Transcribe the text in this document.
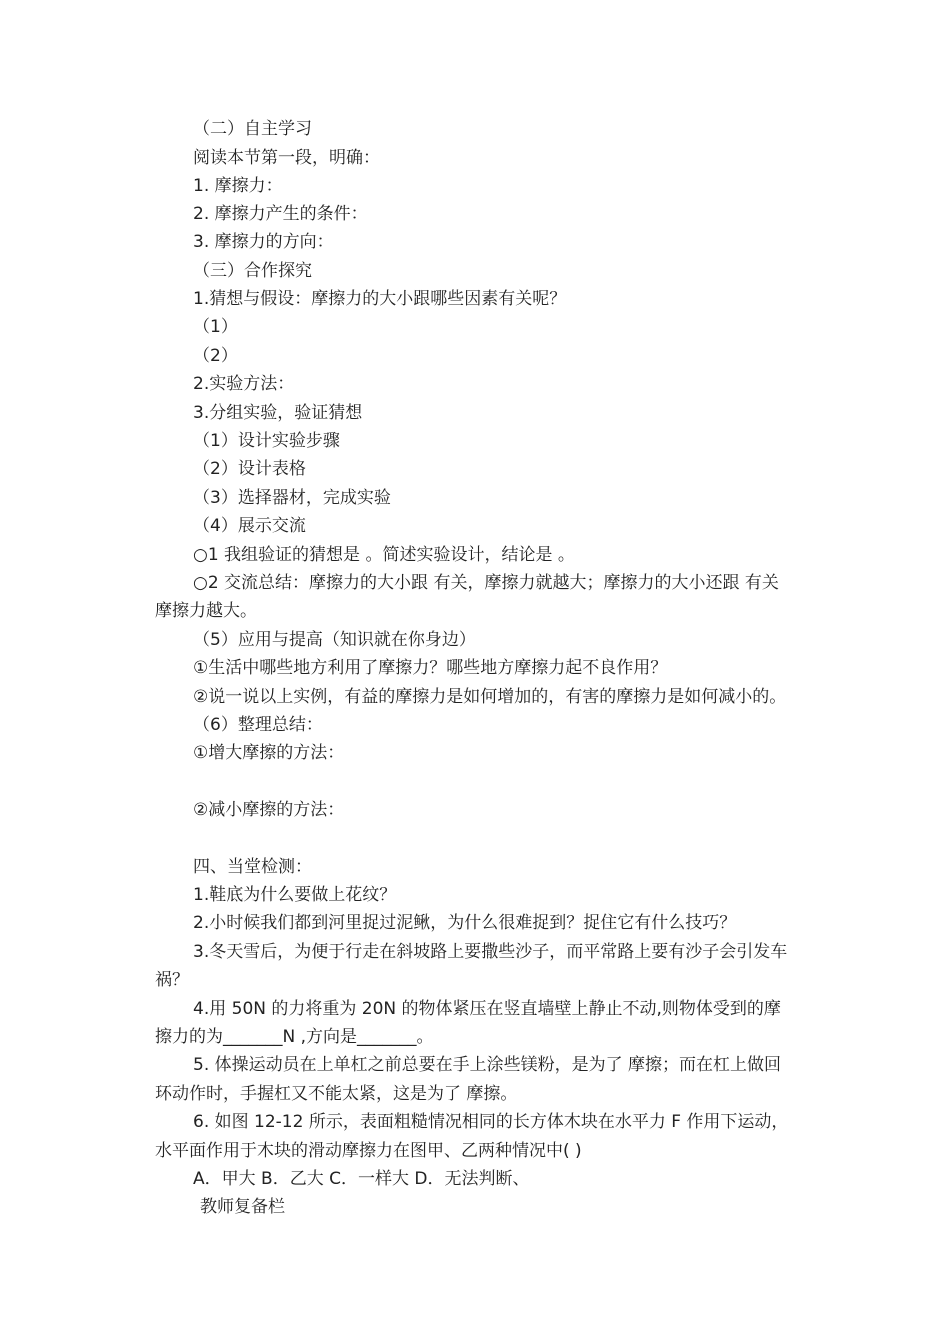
（二）自主学习
阅读本节第一段，明确：
1. 摩擦力：
2. 摩擦力产生的条件：
3. 摩擦力的方向：
（三）合作探究
1.猜想与假设：摩擦力的大小跟哪些因素有关呢？
（1）
（2）
2.实验方法：
3.分组实验，验证猜想
（1）设计实验步骤
（2）设计表格
（3）选择器材，完成实验
（4）展示交流
○1 我组验证的猜想是 。简述实验设计，结论是 。
○2 交流总结：摩擦力的大小跟 有关，摩擦力就越大；摩擦力的大小还跟 有关
摩擦力越大。
（5）应用与提高（知识就在你身边）
①生活中哪些地方利用了摩擦力？哪些地方摩擦力起不良作用？
②说一说以上实例，有益的摩擦力是如何增加的，有害的摩擦力是如何减小的。
（6）整理总结：
①增大摩擦的方法：
②减小摩擦的方法：
四、当堂检测：
1.鞋底为什么要做上花纹？
2.小时候我们都到河里捉过泥鳅，为什么很难捉到？捉住它有什么技巧？
3.冬天雪后，为便于行走在斜坡路上要撒些沙子，而平常路上要有沙子会引发车
祸？
4.用 50N 的力将重为 20N 的物体紧压在竖直墙壁上静止不动,则物体受到的摩
擦力的为_______N ,方向是_______。
5. 体操运动员在上单杠之前总要在手上涂些镁粉，是为了 摩擦；而在杠上做回
环动作时，手握杠又不能太紧，这是为了 摩擦。
6. 如图 12-12 所示，表面粗糙情况相同的长方体木块在水平力 F 作用下运动，
水平面作用于木块的滑动摩擦力在图甲、乙两种情况中( )
A．甲大 B．乙大 C．一样大 D．无法判断、
教师复备栏
